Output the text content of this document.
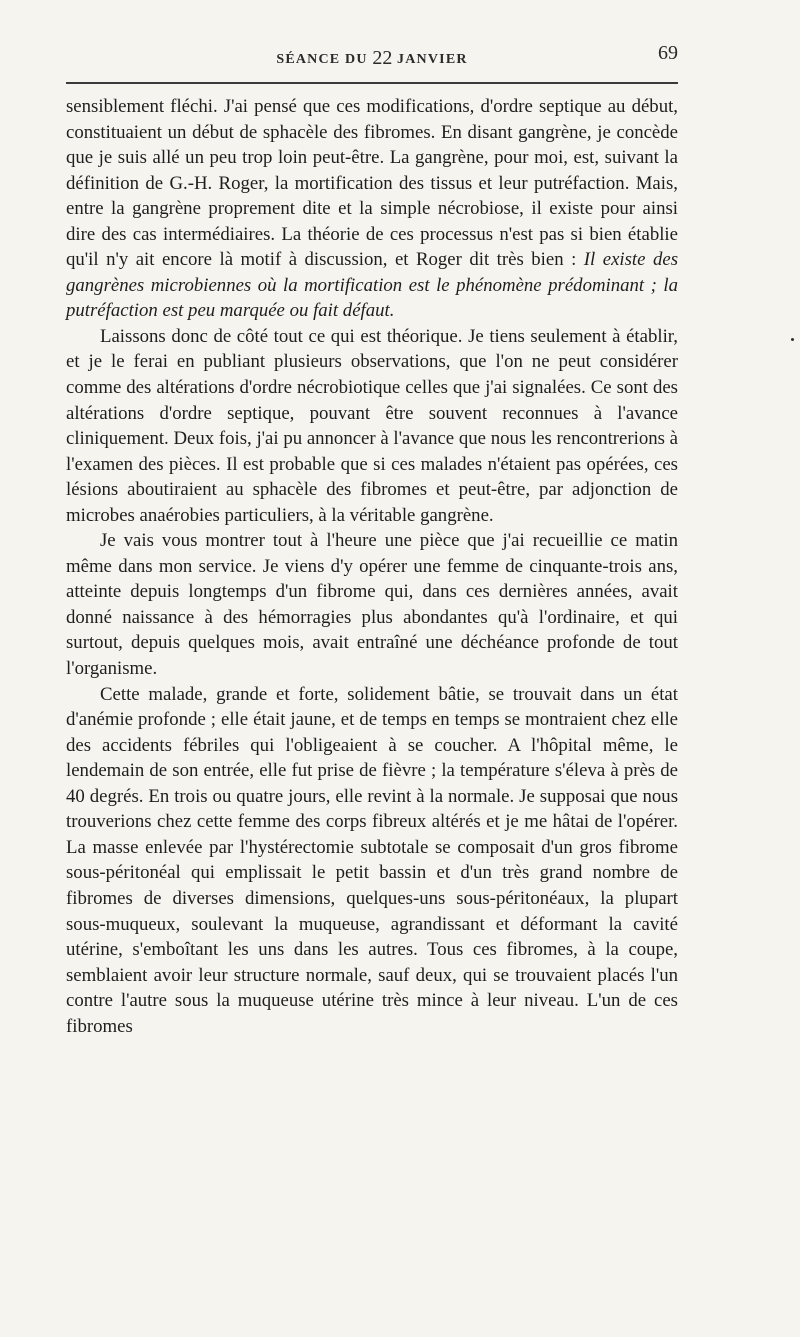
SÉANCE DU 22 JANVIER	69

sensiblement fléchi. J'ai pensé que ces modifications, d'ordre septique au début, constituaient un début de sphacèle des fibromes. En disant gangrène, je concède que je suis allé un peu trop loin peut-être. La gangrène, pour moi, est, suivant la définition de G.-H. Roger, la mortification des tissus et leur putréfaction. Mais, entre la gangrène proprement dite et la simple nécrobiose, il existe pour ainsi dire des cas intermédiaires. La théorie de ces processus n'est pas si bien établie qu'il n'y ait encore là motif à discussion, et Roger dit très bien : Il existe des gangrènes microbiennes où la mortification est le phénomène prédominant ; la putréfaction est peu marquée ou fait défaut.

Laissons donc de côté tout ce qui est théorique. Je tiens seulement à établir, et je le ferai en publiant plusieurs observations, que l'on ne peut considérer comme des altérations d'ordre nécrobiotique celles que j'ai signalées. Ce sont des altérations d'ordre septique, pouvant être souvent reconnues à l'avance cliniquement. Deux fois, j'ai pu annoncer à l'avance que nous les rencontrerions à l'examen des pièces. Il est probable que si ces malades n'étaient pas opérées, ces lésions aboutiraient au sphacèle des fibromes et peut-être, par adjonction de microbes anaérobies particuliers, à la véritable gangrène.

Je vais vous montrer tout à l'heure une pièce que j'ai recueillie ce matin même dans mon service. Je viens d'y opérer une femme de cinquante-trois ans, atteinte depuis longtemps d'un fibrome qui, dans ces dernières années, avait donné naissance à des hémorragies plus abondantes qu'à l'ordinaire, et qui surtout, depuis quelques mois, avait entraîné une déchéance profonde de tout l'organisme.

Cette malade, grande et forte, solidement bâtie, se trouvait dans un état d'anémie profonde ; elle était jaune, et de temps en temps se montraient chez elle des accidents fébriles qui l'obligeaient à se coucher. A l'hôpital même, le lendemain de son entrée, elle fut prise de fièvre ; la température s'éleva à près de 40 degrés. En trois ou quatre jours, elle revint à la normale. Je supposai que nous trouverions chez cette femme des corps fibreux altérés et je me hâtai de l'opérer. La masse enlevée par l'hystérectomie subtotale se composait d'un gros fibrome sous-péritonéal qui emplissait le petit bassin et d'un très grand nombre de fibromes de diverses dimensions, quelques-uns sous-péritonéaux, la plupart sous-muqueux, soulevant la muqueuse, agrandissant et déformant la cavité utérine, s'emboîtant les uns dans les autres. Tous ces fibromes, à la coupe, semblaient avoir leur structure normale, sauf deux, qui se trouvaient placés l'un contre l'autre sous la muqueuse utérine très mince à leur niveau. L'un de ces fibromes
